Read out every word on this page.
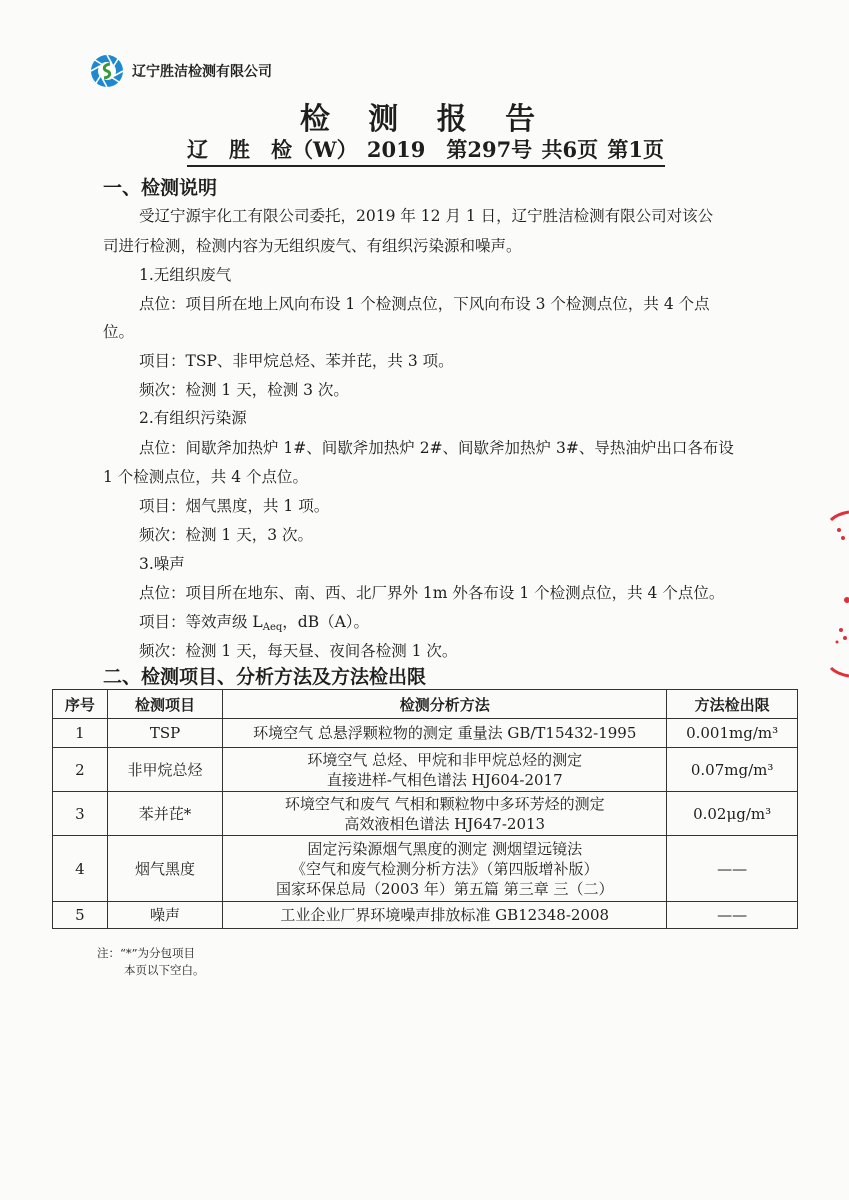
辽宁胜洁检测有限公司
检 测 报 告
辽　胜　检（W） 2019　第297号 共6页 第1页
一、检测说明
受辽宁源宇化工有限公司委托，2019 年 12 月 1 日，辽宁胜洁检测有限公司对该公
司进行检测，检测内容为无组织废气、有组织污染源和噪声。
1.无组织废气
点位：项目所在地上风向布设 1 个检测点位，下风向布设 3 个检测点位，共 4 个点
位。
项目：TSP、非甲烷总烃、苯并芘，共 3 项。
频次：检测 1 天，检测 3 次。
2.有组织污染源
点位：间歇斧加热炉 1#、间歇斧加热炉 2#、间歇斧加热炉 3#、导热油炉出口各布设
1 个检测点位，共 4 个点位。
项目：烟气黑度，共 1 项。
频次：检测 1 天，3 次。
3.噪声
点位：项目所在地东、南、西、北厂界外 1m 外各布设 1 个检测点位，共 4 个点位。
项目：等效声级 $L_{Aeq}$，dB（A）。
频次：检测 1 天，每天昼、夜间各检测 1 次。
二、检测项目、分析方法及方法检出限
序号	检测项目	检测分析方法	方法检出限
1	TSP	环境空气 总悬浮颗粒物的测定 重量法 GB/T15432-1995	0.001mg/m³
2	非甲烷总烃	环境空气 总烃、甲烷和非甲烷总烃的测定
直接进样-气相色谱法 HJ604-2017	0.07mg/m³
3	苯并芘*	环境空气和废气 气相和颗粒物中多环芳烃的测定
高效液相色谱法 HJ647-2013	0.02μg/m³
4	烟气黑度	固定污染源烟气黑度的测定 测烟望远镜法
《空气和废气检测分析方法》（第四版增补版）
国家环保总局（2003 年）第五篇 第三章 三（二）	——
5	噪声	工业企业厂界环境噪声排放标准 GB12348-2008	——
注：“*”为分包项目
本页以下空白。
